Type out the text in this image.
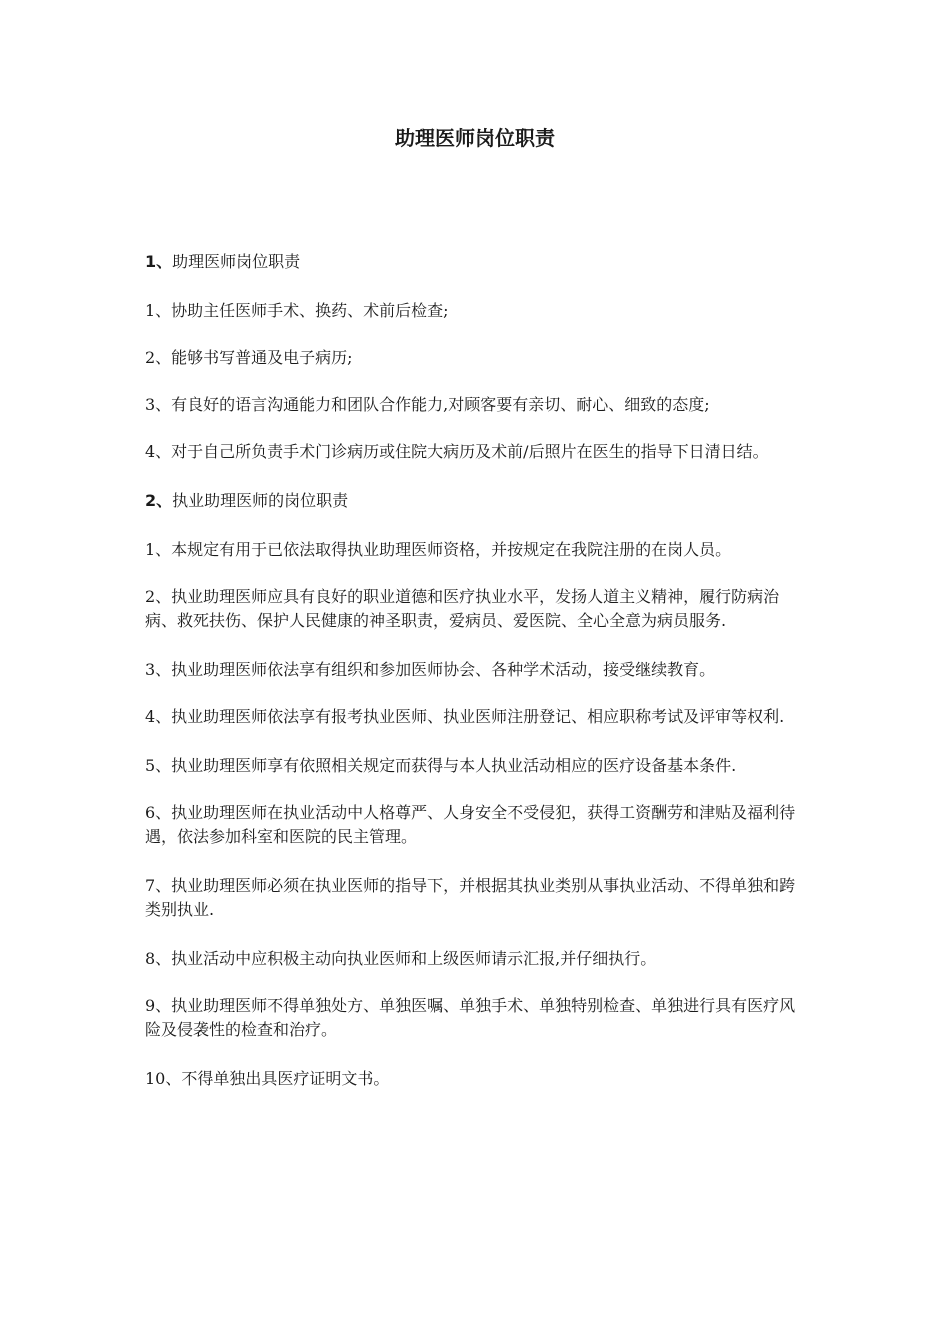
助理医师岗位职责

1、助理医师岗位职责

1、协助主任医师手术、换药、术前后检查;

2、能够书写普通及电子病历;

3、有良好的语言沟通能力和团队合作能力,对顾客要有亲切、耐心、细致的态度;

4、对于自己所负责手术门诊病历或住院大病历及术前/后照片在医生的指导下日清日结。

2、执业助理医师的岗位职责

1、本规定有用于已依法取得执业助理医师资格，并按规定在我院注册的在岗人员。

2、执业助理医师应具有良好的职业道德和医疗执业水平，发扬人道主义精神，履行防病治病、救死扶伤、保护人民健康的神圣职责，爱病员、爱医院、全心全意为病员服务.

3、执业助理医师依法享有组织和参加医师协会、各种学术活动，接受继续教育。

4、执业助理医师依法享有报考执业医师、执业医师注册登记、相应职称考试及评审等权利.

5、执业助理医师享有依照相关规定而获得与本人执业活动相应的医疗设备基本条件.

6、执业助理医师在执业活动中人格尊严、人身安全不受侵犯，获得工资酬劳和津贴及福利待遇，依法参加科室和医院的民主管理。

7、执业助理医师必须在执业医师的指导下，并根据其执业类别从事执业活动、不得单独和跨类别执业.

8、执业活动中应积极主动向执业医师和上级医师请示汇报,并仔细执行。

9、执业助理医师不得单独处方、单独医嘱、单独手术、单独特别检查、单独进行具有医疗风险及侵袭性的检查和治疗。

10、不得单独出具医疗证明文书。
